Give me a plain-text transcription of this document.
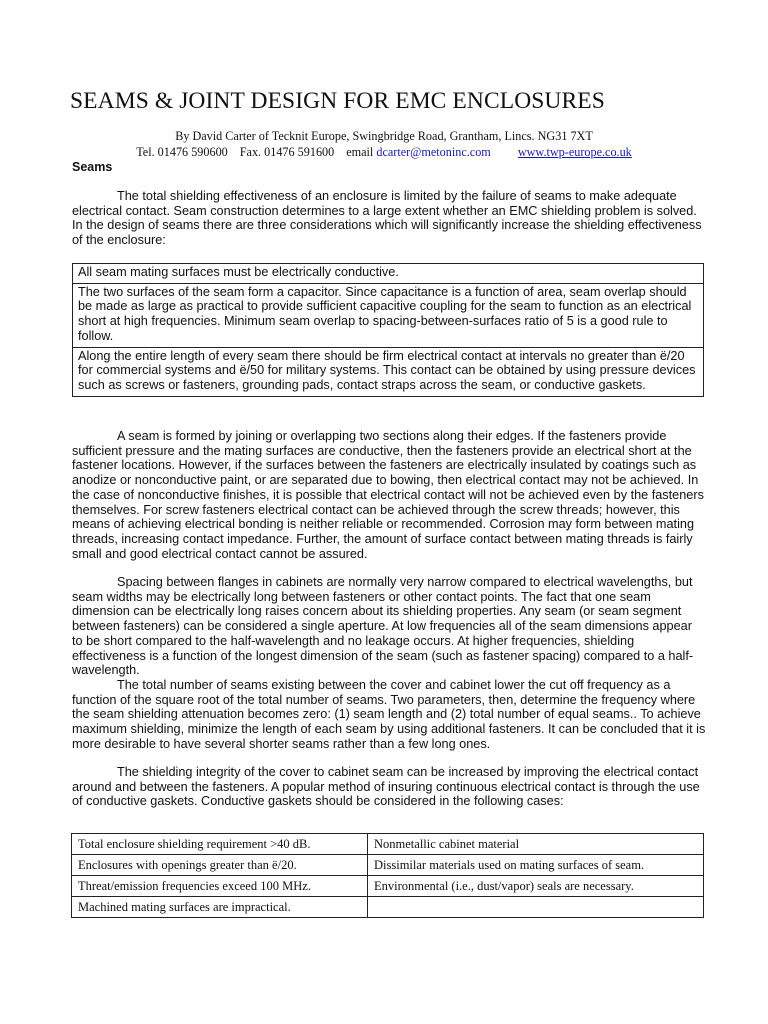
SEAMS & JOINT DESIGN FOR EMC ENCLOSURES
By David Carter of Tecknit Europe, Swingbridge Road, Grantham, Lincs. NG31 7XT
Tel. 01476 590600 Fax. 01476 591600 email dcarter@metoninc.com www.twp-europe.co.uk
Seams

The total shielding effectiveness of an enclosure is limited by the failure of seams to make adequate electrical contact. Seam construction determines to a large extent whether an EMC shielding problem is solved. In the design of seams there are three considerations which will significantly increase the shielding effectiveness of the enclosure:

All seam mating surfaces must be electrically conductive.
The two surfaces of the seam form a capacitor. Since capacitance is a function of area, seam overlap should be made as large as practical to provide sufficient capacitive coupling for the seam to function as an electrical short at high frequencies. Minimum seam overlap to spacing-between-surfaces ratio of 5 is a good rule to follow.
Along the entire length of every seam there should be firm electrical contact at intervals no greater than ë/20 for commercial systems and ë/50 for military systems. This contact can be obtained by using pressure devices such as screws or fasteners, grounding pads, contact straps across the seam, or conductive gaskets.

A seam is formed by joining or overlapping two sections along their edges. If the fasteners provide sufficient pressure and the mating surfaces are conductive, then the fasteners provide an electrical short at the fastener locations. However, if the surfaces between the fasteners are electrically insulated by coatings such as anodize or nonconductive paint, or are separated due to bowing, then electrical contact may not be achieved. In the case of nonconductive finishes, it is possible that electrical contact will not be achieved even by the fasteners themselves. For screw fasteners electrical contact can be achieved through the screw threads; however, this means of achieving electrical bonding is neither reliable or recommended. Corrosion may form between mating threads, increasing contact impedance. Further, the amount of surface contact between mating threads is fairly small and good electrical contact cannot be assured.

Spacing between flanges in cabinets are normally very narrow compared to electrical wavelengths, but seam widths may be electrically long between fasteners or other contact points. The fact that one seam dimension can be electrically long raises concern about its shielding properties. Any seam (or seam segment between fasteners) can be considered a single aperture. At low frequencies all of the seam dimensions appear to be short compared to the half-wavelength and no leakage occurs. At higher frequencies, shielding effectiveness is a function of the longest dimension of the seam (such as fastener spacing) compared to a half-wavelength.

The total number of seams existing between the cover and cabinet lower the cut off frequency as a function of the square root of the total number of seams. Two parameters, then, determine the frequency where the seam shielding attenuation becomes zero: (1) seam length and (2) total number of equal seams.. To achieve maximum shielding, minimize the length of each seam by using additional fasteners. It can be concluded that it is more desirable to have several shorter seams rather than a few long ones.

The shielding integrity of the cover to cabinet seam can be increased by improving the electrical contact around and between the fasteners. A popular method of insuring continuous electrical contact is through the use of conductive gaskets. Conductive gaskets should be considered in the following cases:

Total enclosure shielding requirement >40 dB.	Nonmetallic cabinet material
Enclosures with openings greater than ë/20.	Dissimilar materials used on mating surfaces of seam.
Threat/emission frequencies exceed 100 MHz.	Environmental (i.e., dust/vapor) seals are necessary.
Machined mating surfaces are impractical.	
